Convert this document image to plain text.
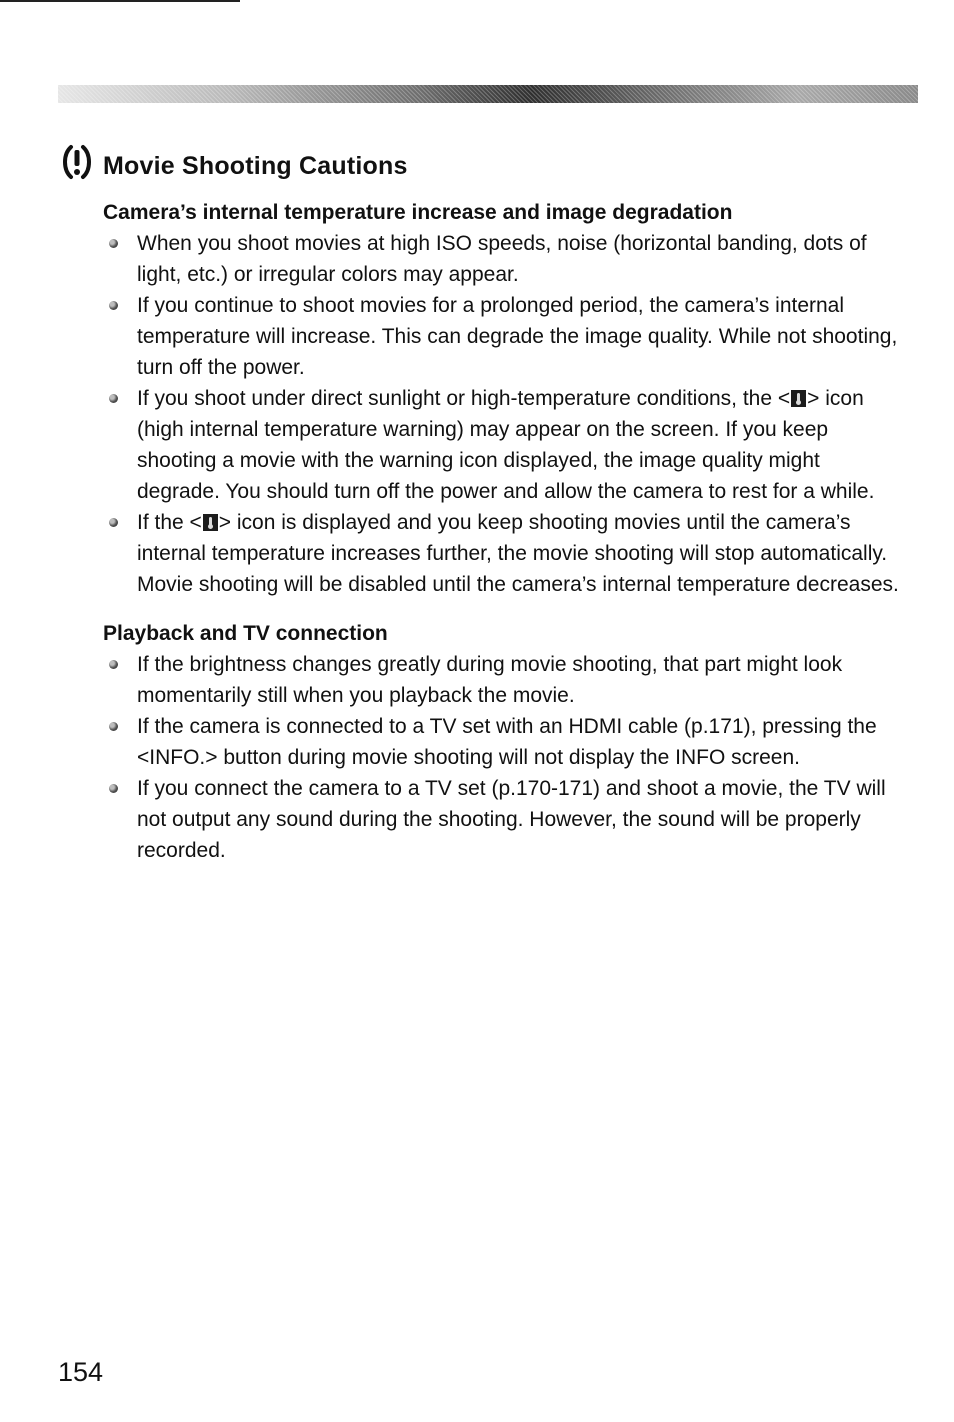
Movie Shooting Cautions
Camera’s internal temperature increase and image degradation
When you shoot movies at high ISO speeds, noise (horizontal banding, dots of light, etc.) or irregular colors may appear.
If you continue to shoot movies for a prolonged period, the camera’s internal temperature will increase. This can degrade the image quality. While not shooting, turn off the power.
If you shoot under direct sunlight or high-temperature conditions, the < > icon (high internal temperature warning) may appear on the screen. If you keep shooting a movie with the warning icon displayed, the image quality might degrade. You should turn off the power and allow the camera to rest for a while.
If the < > icon is displayed and you keep shooting movies until the camera’s internal temperature increases further, the movie shooting will stop automatically. Movie shooting will be disabled until the camera’s internal temperature decreases.
Playback and TV connection
If the brightness changes greatly during movie shooting, that part might look momentarily still when you playback the movie.
If the camera is connected to a TV set with an HDMI cable (p.171), pressing the <INFO.> button during movie shooting will not display the INFO screen.
If you connect the camera to a TV set (p.170-171) and shoot a movie, the TV will not output any sound during the shooting. However, the sound will be properly recorded.

154
